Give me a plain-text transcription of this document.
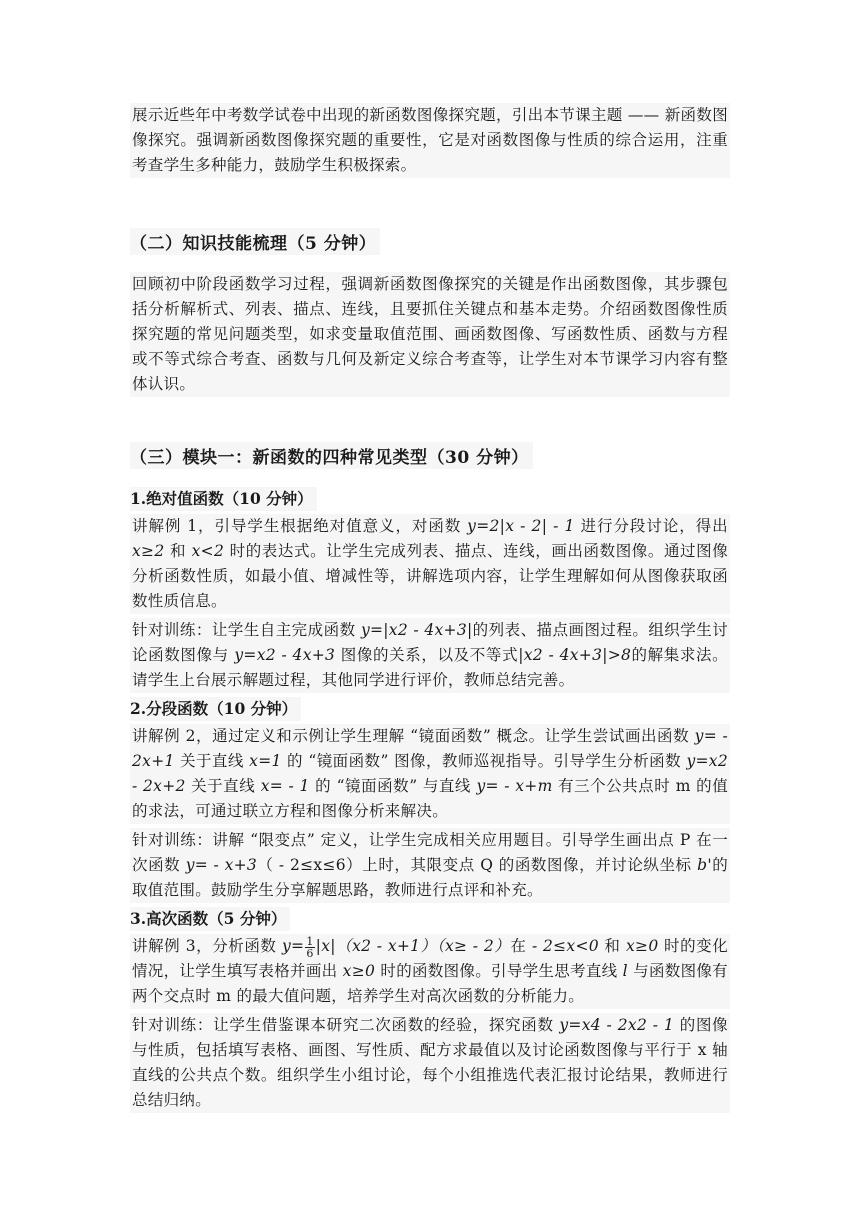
展示近些年中考数学试卷中出现的新函数图像探究题，引出本节课主题 —— 新函数图像探究。强调新函数图像探究题的重要性，它是对函数图像与性质的综合运用，注重考查学生多种能力，鼓励学生积极探索。

（二）知识技能梳理（5 分钟）

回顾初中阶段函数学习过程，强调新函数图像探究的关键是作出函数图像，其步骤包括分析解析式、列表、描点、连线，且要抓住关键点和基本走势。介绍函数图像性质探究题的常见问题类型，如求变量取值范围、画函数图像、写函数性质、函数与方程或不等式综合考查、函数与几何及新定义综合考查等，让学生对本节课学习内容有整体认识。

（三）模块一：新函数的四种常见类型（30 分钟）
1.绝对值函数（10 分钟）

讲解例 1，引导学生根据绝对值意义，对函数 y=2|x - 2| - 1 进行分段讨论，得出 x≥2 和 x<2 时的表达式。让学生完成列表、描点、连线，画出函数图像。通过图像分析函数性质，如最小值、增减性等，讲解选项内容，让学生理解如何从图像获取函数性质信息。

针对训练：让学生自主完成函数 y=|x2 - 4x+3|的列表、描点画图过程。组织学生讨论函数图像与 y=x2 - 4x+3 图像的关系，以及不等式|x2 - 4x+3|>8的解集求法。请学生上台展示解题过程，其他同学进行评价，教师总结完善。

2.分段函数（10 分钟）

讲解例 2，通过定义和示例让学生理解 “镜面函数” 概念。让学生尝试画出函数 y= - 2x+1 关于直线 x=1 的 “镜面函数” 图像，教师巡视指导。引导学生分析函数 y=x2 - 2x+2 关于直线 x= - 1 的 “镜面函数” 与直线 y= - x+m 有三个公共点时 m 的值的求法，可通过联立方程和图像分析来解决。

针对训练：讲解 “限变点” 定义，让学生完成相关应用题目。引导学生画出点 P 在一次函数 y= - x+3（ - 2≤x≤6）上时，其限变点 Q 的函数图像，并讨论纵坐标 b'的取值范围。鼓励学生分享解题思路，教师进行点评和补充。

3.高次函数（5 分钟）

讲解例 3，分析函数 $y= \frac{1}{6} |x|(x2 - x+1)(x\ge - 2)$在 - 2≤x<0 和 x≥0 时的变化情况，让学生填写表格并画出 x≥0 时的函数图像。引导学生思考直线 l 与函数图像有两个交点时 m 的最大值问题，培养学生对高次函数的分析能力。

针对训练：让学生借鉴课本研究二次函数的经验，探究函数 y=x4 - 2x2 - 1 的图像与性质，包括填写表格、画图、写性质、配方求最值以及讨论函数图像与平行于 x 轴直线的公共点个数。组织学生小组讨论，每个小组推选代表汇报讨论结果，教师进行总结归纳。
